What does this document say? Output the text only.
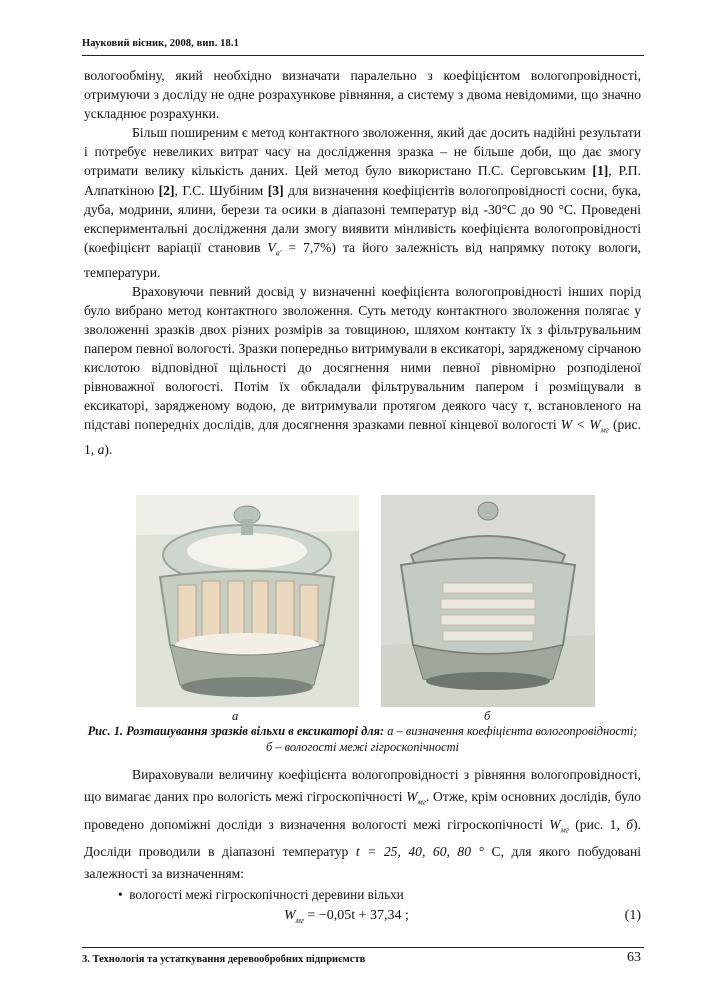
Науковий вісник, 2008, вип. 18.1

вологообміну, який необхідно визначати паралельно з коефіцієнтом вологопровідності, отримуючи з досліду не одне розрахункове рівняння, а систему з двома невідомими, що значно ускладнює розрахунки.

Більш поширеним є метод контактного зволоження, який дає досить надійні результати і потребує невеликих витрат часу на дослідження зразка – не більше доби, що дає змогу отримати велику кількість даних. Цей метод було використано П.С. Серговським [1], Р.П. Алпаткіною [2], Г.С. Шубіним [3] для визначення коефіцієнтів вологопровідності сосни, бука, дуба, модрини, ялини, берези та осики в діапазоні температур від -30°C до 90 °С. Проведені експериментальні дослідження дали змогу виявити мінливість коефіцієнта вологопровідності (коефіцієнт варіації становив $V_{a'} = 7,7\%$) та його залежність від напрямку потоку вологи, температури.

Враховуючи певний досвід у визначенні коефіцієнта вологопровідності інших порід було вибрано метод контактного зволоження. Суть методу контактного зволоження полягає у зволоженні зразків двох різних розмірів за товщиною, шляхом контакту їх з фільтрувальним папером певної вологості. Зразки попередньо витримували в ексикаторі, зарядженому сірчаною кислотою відповідної щільності до досягнення ними певної рівномірно розподіленої рівноважної вологості. Потім їх обкладали фільтрувальним папером і розміщували в ексикаторі, зарядженому водою, де витримували протягом деякого часу τ, встановленого на підставі попередніх дослідів, для досягнення зразками певної кінцевої вологості $W < W_{мг}$ (рис. 1, а).

а	б
Рис. 1. Розташування зразків вільхи в ексикаторі для: а – визначення коефіцієнта вологопровідності; б – вологості межі гігроскопічності

Вираховували величину коефіцієнта вологопровідності з рівняння вологопровідності, що вимагає даних про вологість межі гігроскопічності $W_{мг}$. Отже, крім основних дослідів, було проведено допоміжні досліди з визначення вологості межі гігроскопічності $W_{мг}$ (рис. 1, б). Досліди проводили в діапазоні температур t = 25, 40, 60, 80 ° С, для якого побудовані залежності за визначенням:

•  вологості межі гігроскопічності деревини вільхи
$W_{мг} = -0,05t + 37,34$ ;	(1)
3. Технологія та устаткування деревообробних підприємств	63
